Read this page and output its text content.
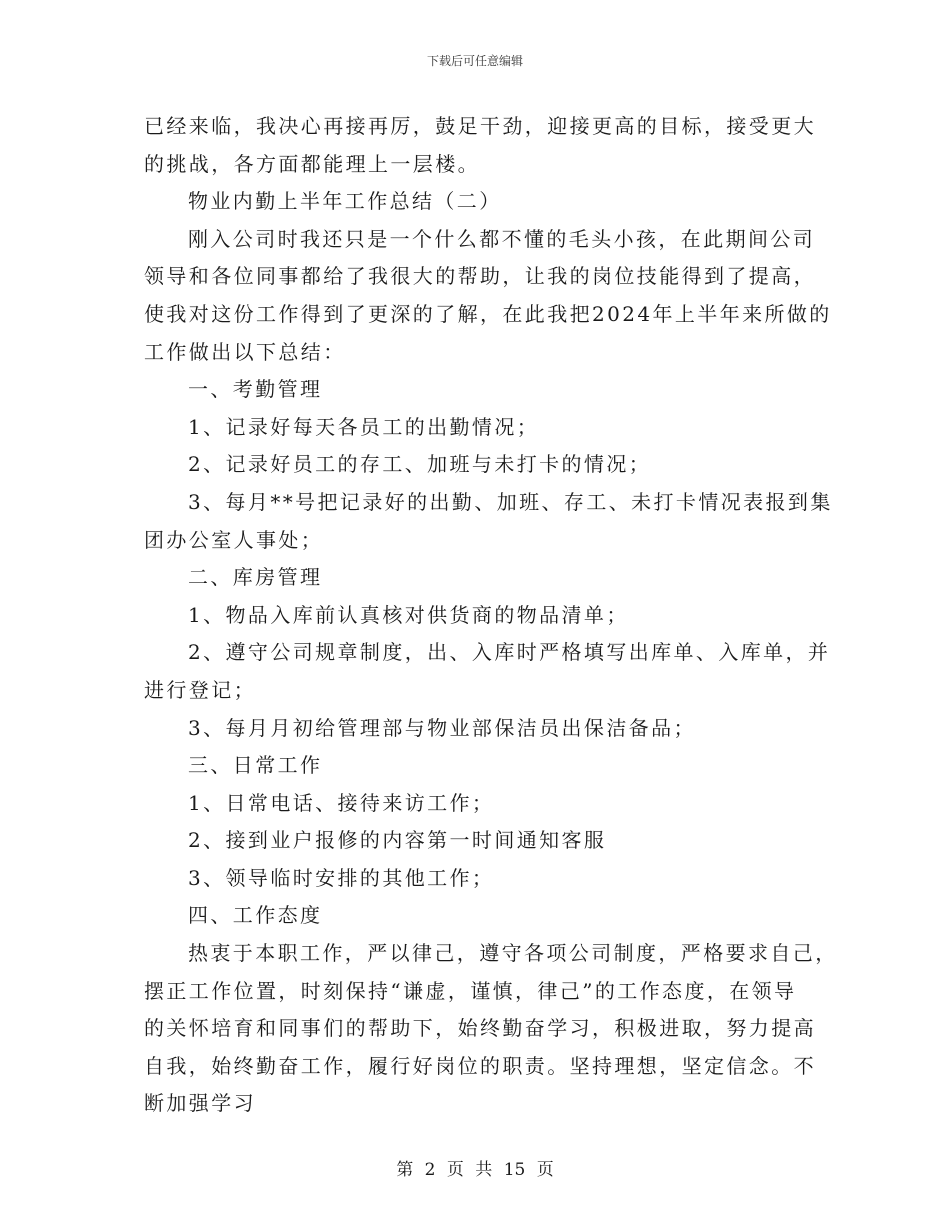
下载后可任意编辑
已经来临，我决心再接再厉，鼓足干劲，迎接更高的目标，接受更大
的挑战，各方面都能理上一层楼。
物业内勤上半年工作总结（二）
刚入公司时我还只是一个什么都不懂的毛头小孩，在此期间公司
领导和各位同事都给了我很大的帮助，让我的岗位技能得到了提高，
使我对这份工作得到了更深的了解，在此我把2024年上半年来所做的
工作做出以下总结：
一、考勤管理
1、记录好每天各员工的出勤情况；
2、记录好员工的存工、加班与未打卡的情况；
3、每月**号把记录好的出勤、加班、存工、未打卡情况表报到集
团办公室人事处；
二、库房管理
1、物品入库前认真核对供货商的物品清单；
2、遵守公司规章制度，出、入库时严格填写出库单、入库单，并
进行登记；
3、每月月初给管理部与物业部保洁员出保洁备品；
三、日常工作
1、日常电话、接待来访工作；
2、接到业户报修的内容第一时间通知客服
3、领导临时安排的其他工作；
四、工作态度
热衷于本职工作，严以律己，遵守各项公司制度，严格要求自己，
摆正工作位置，时刻保持“谦虚，谨慎，律己”的工作态度，在领导
的关怀培育和同事们的帮助下，始终勤奋学习，积极进取，努力提高
自我，始终勤奋工作，履行好岗位的职责。坚持理想，坚定信念。不
断加强学习
第 2 页 共 15 页
